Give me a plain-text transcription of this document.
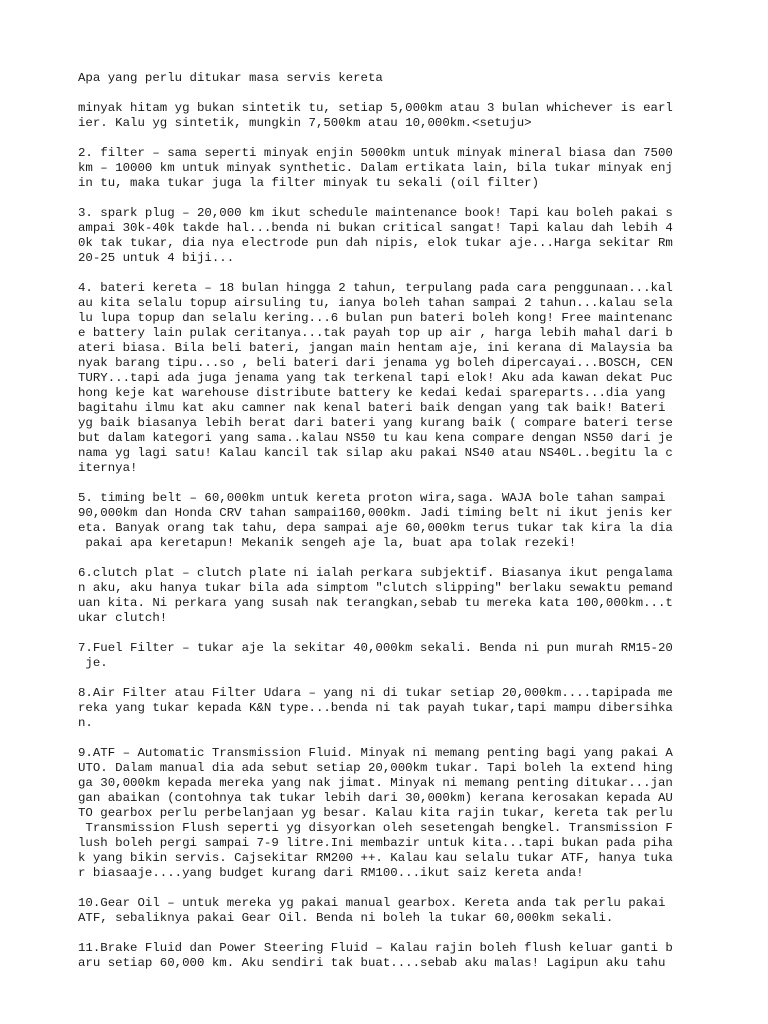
Apa yang perlu ditukar masa servis kereta
minyak hitam yg bukan sintetik tu, setiap 5,000km atau 3 bulan whichever is earl
ier. Kalu yg sintetik, mungkin 7,500km atau 10,000km.<setuju>
2. filter – sama seperti minyak enjin 5000km untuk minyak mineral biasa dan 7500
km – 10000 km untuk minyak synthetic. Dalam ertikata lain, bila tukar minyak enj
in tu, maka tukar juga la filter minyak tu sekali (oil filter)
3. spark plug – 20,000 km ikut schedule maintenance book! Tapi kau boleh pakai s
ampai 30k-40k takde hal...benda ni bukan critical sangat! Tapi kalau dah lebih 4
0k tak tukar, dia nya electrode pun dah nipis, elok tukar aje...Harga sekitar Rm
20-25 untuk 4 biji...
4. bateri kereta – 18 bulan hingga 2 tahun, terpulang pada cara penggunaan...kal
au kita selalu topup airsuling tu, ianya boleh tahan sampai 2 tahun...kalau sela
lu lupa topup dan selalu kering...6 bulan pun bateri boleh kong! Free maintenanc
e battery lain pulak ceritanya...tak payah top up air , harga lebih mahal dari b
ateri biasa. Bila beli bateri, jangan main hentam aje, ini kerana di Malaysia ba
nyak barang tipu...so , beli bateri dari jenama yg boleh dipercayai...BOSCH, CEN
TURY...tapi ada juga jenama yang tak terkenal tapi elok! Aku ada kawan dekat Puc
hong keje kat warehouse distribute battery ke kedai kedai spareparts...dia yang
bagitahu ilmu kat aku camner nak kenal bateri baik dengan yang tak baik! Bateri
yg baik biasanya lebih berat dari bateri yang kurang baik ( compare bateri terse
but dalam kategori yang sama..kalau NS50 tu kau kena compare dengan NS50 dari je
nama yg lagi satu! Kalau kancil tak silap aku pakai NS40 atau NS40L..begitu la c
iternya!
5. timing belt – 60,000km untuk kereta proton wira,saga. WAJA bole tahan sampai
90,000km dan Honda CRV tahan sampai160,000km. Jadi timing belt ni ikut jenis ker
eta. Banyak orang tak tahu, depa sampai aje 60,000km terus tukar tak kira la dia
pakai apa keretapun! Mekanik sengeh aje la, buat apa tolak rezeki!
6.clutch plat – clutch plate ni ialah perkara subjektif. Biasanya ikut pengalama
n aku, aku hanya tukar bila ada simptom "clutch slipping" berlaku sewaktu pemand
uan kita. Ni perkara yang susah nak terangkan,sebab tu mereka kata 100,000km...t
ukar clutch!
7.Fuel Filter – tukar aje la sekitar 40,000km sekali. Benda ni pun murah RM15-20
je.
8.Air Filter atau Filter Udara – yang ni di tukar setiap 20,000km....tapipada me
reka yang tukar kepada K&N type...benda ni tak payah tukar,tapi mampu dibersihka
n.
9.ATF – Automatic Transmission Fluid. Minyak ni memang penting bagi yang pakai A
UTO. Dalam manual dia ada sebut setiap 20,000km tukar. Tapi boleh la extend hing
ga 30,000km kepada mereka yang nak jimat. Minyak ni memang penting ditukar...jan
gan abaikan (contohnya tak tukar lebih dari 30,000km) kerana kerosakan kepada AU
TO gearbox perlu perbelanjaan yg besar. Kalau kita rajin tukar, kereta tak perlu
Transmission Flush seperti yg disyorkan oleh sesetengah bengkel. Transmission F
lush boleh pergi sampai 7-9 litre.Ini membazir untuk kita...tapi bukan pada piha
k yang bikin servis. Cajsekitar RM200 ++. Kalau kau selalu tukar ATF, hanya tuka
r biasaaje....yang budget kurang dari RM100...ikut saiz kereta anda!
10.Gear Oil – untuk mereka yg pakai manual gearbox. Kereta anda tak perlu pakai
ATF, sebaliknya pakai Gear Oil. Benda ni boleh la tukar 60,000km sekali.
11.Brake Fluid dan Power Steering Fluid – Kalau rajin boleh flush keluar ganti b
aru setiap 60,000 km. Aku sendiri tak buat....sebab aku malas! Lagipun aku tahu
